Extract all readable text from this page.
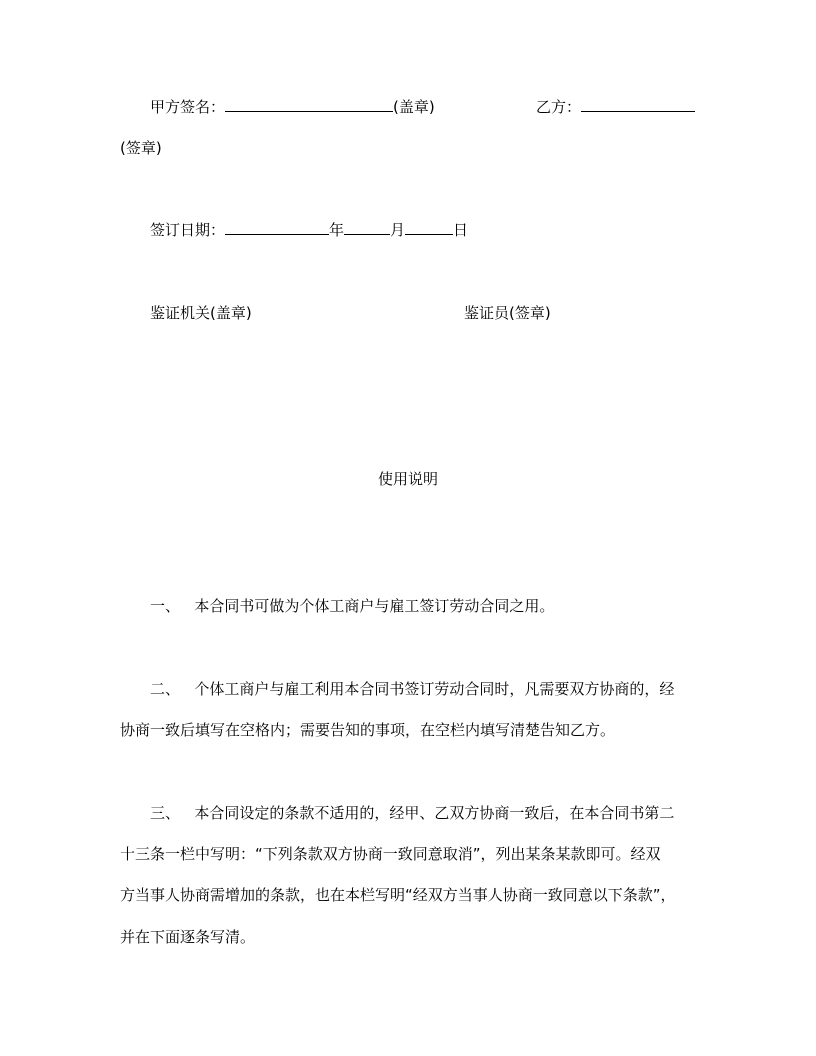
甲方签名：	(盖章)	乙方：
(签章)
签订日期：	年	月	日
鉴证机关(盖章)	鉴证员(签章)
使用说明
一、 本合同书可做为个体工商户与雇工签订劳动合同之用。
二、 个体工商户与雇工利用本合同书签订劳动合同时，凡需要双方协商的，经
协商一致后填写在空格内；需要告知的事项，在空栏内填写清楚告知乙方。
三、 本合同设定的条款不适用的，经甲、乙双方协商一致后，在本合同书第二
十三条一栏中写明：“下列条款双方协商一致同意取消”，列出某条某款即可。经双
方当事人协商需增加的条款，也在本栏写明“经双方当事人协商一致同意以下条款”，
并在下面逐条写清。
